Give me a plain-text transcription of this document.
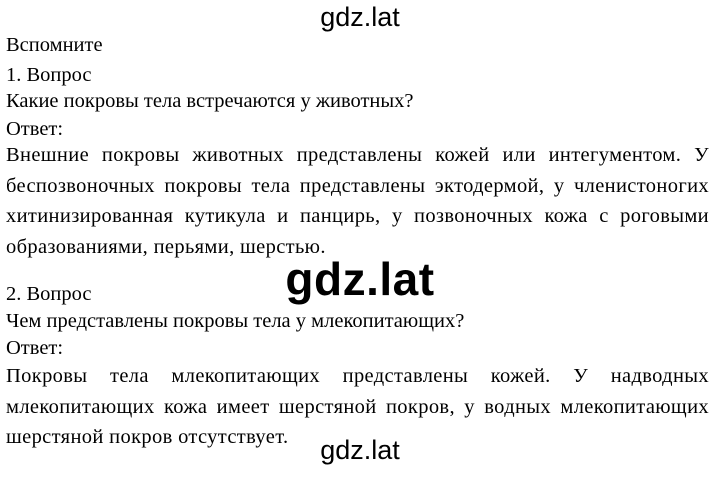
gdz.lat
Вспомните
1. Вопрос
Какие покровы тела встречаются у животных?
Ответ:
Внешние покровы животных представлены кожей или интегументом. У беспозвоночных покровы тела представлены эктодермой, у членистоногих хитинизированная кутикула и панцирь, у позвоночных кожа с роговыми образованиями, перьями, шерстью.
gdz.lat
2. Вопрос
Чем представлены покровы тела у млекопитающих?
Ответ:
Покровы тела млекопитающих представлены кожей. У надводных млекопитающих кожа имеет шерстяной покров, у водных млекопитающих шерстяной покров отсутствует.	gdz.lat
